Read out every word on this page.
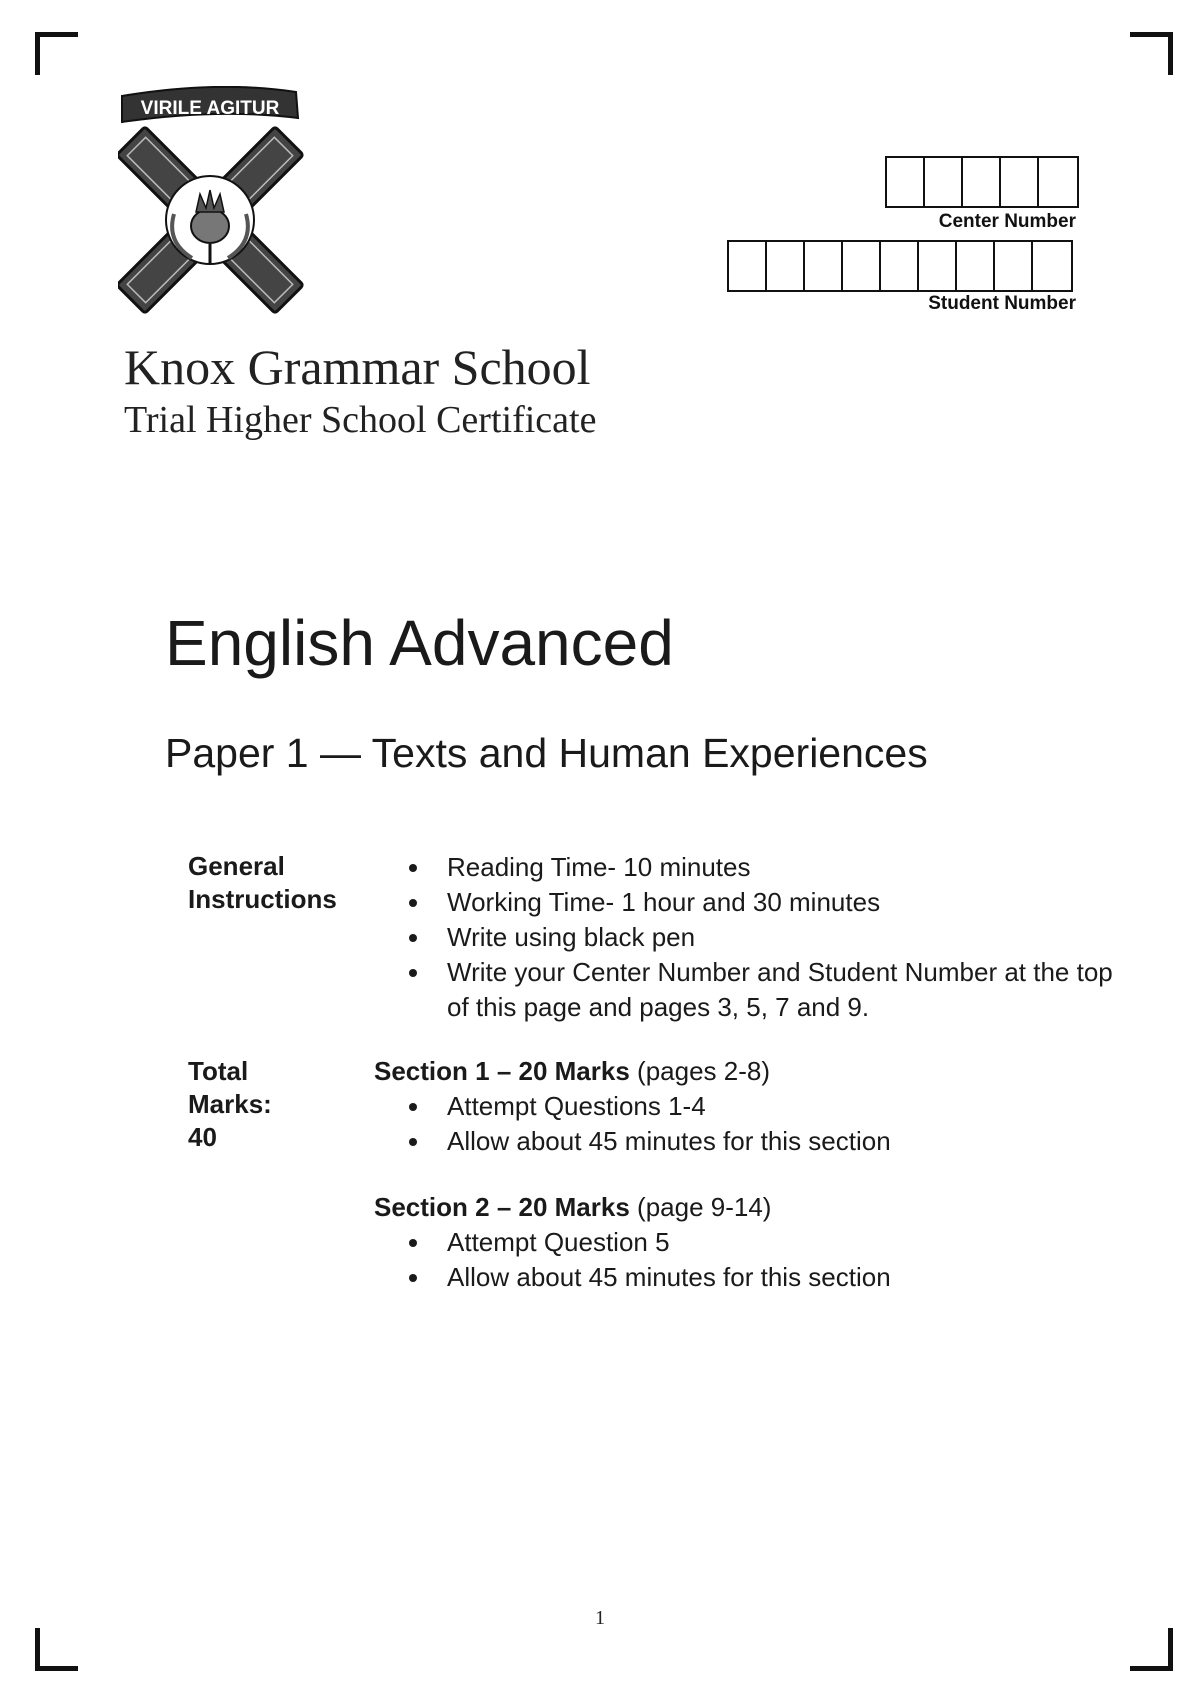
VIRILE AGITUR
Center Number
Student Number
Knox Grammar School
Trial Higher School Certificate
English Advanced
Paper 1 — Texts and Human Experiences
General
Instructions
Reading Time- 10 minutes
Working Time- 1 hour and 30 minutes
Write using black pen
Write your Center Number and Student Number at the top of this page and pages 3, 5, 7 and 9.
Total
Marks:
40
Section 1 – 20 Marks (pages 2-8)
Attempt Questions 1-4
Allow about 45 minutes for this section
Section 2 – 20 Marks (page 9-14)
Attempt Question 5
Allow about 45 minutes for this section
1
